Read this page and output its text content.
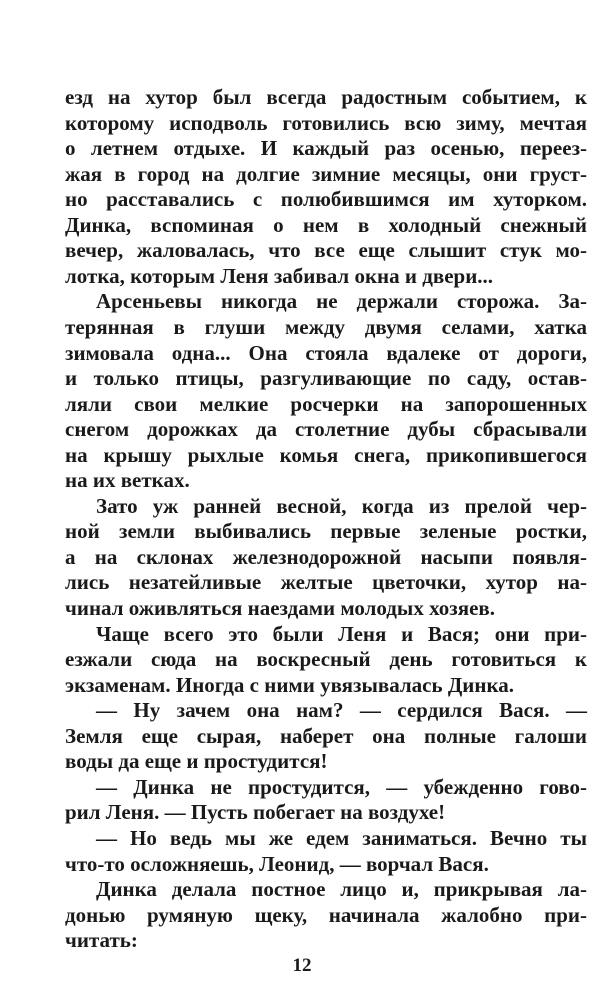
езд на хутор был всегда радостным событием, к
которому исподволь готовились всю зиму, мечтая
о летнем отдыхе. И каждый раз осенью, переез-
жая в город на долгие зимние месяцы, они груст-
но расставались с полюбившимся им хуторком.
Динка, вспоминая о нем в холодный снежный
вечер, жаловалась, что все еще слышит стук мо-
лотка, которым Леня забивал окна и двери...
Арсеньевы никогда не держали сторожа. За-
терянная в глуши между двумя селами, хатка
зимовала одна... Она стояла вдалеке от дороги,
и только птицы, разгуливающие по саду, остав-
ляли свои мелкие росчерки на запорошенных
снегом дорожках да столетние дубы сбрасывали
на крышу рыхлые комья снега, прикопившегося
на их ветках.
Зато уж ранней весной, когда из прелой чер-
ной земли выбивались первые зеленые ростки,
а на склонах железнодорожной насыпи появля-
лись незатейливые желтые цветочки, хутор на-
чинал оживляться наездами молодых хозяев.
Чаще всего это были Леня и Вася; они при-
езжали сюда на воскресный день готовиться к
экзаменам. Иногда с ними увязывалась Динка.
— Ну зачем она нам? — сердился Вася. —
Земля еще сырая, наберет она полные галоши
воды да еще и простудится!
— Динка не простудится, — убежденно гово-
рил Леня. — Пусть побегает на воздухе!
— Но ведь мы же едем заниматься. Вечно ты
что-то осложняешь, Леонид, — ворчал Вася.
Динка делала постное лицо и, прикрывая ла-
донью румяную щеку, начинала жалобно при-
читать:
12
